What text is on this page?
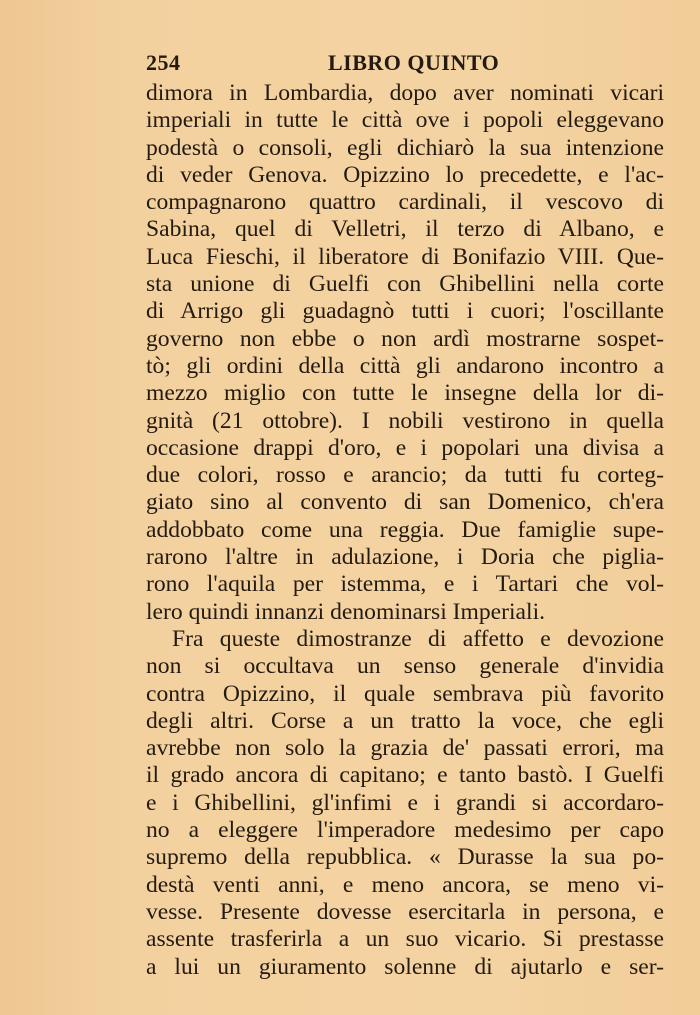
254	LIBRO QUINTO
dimora in Lombardia, dopo aver nominati vicari
imperiali in tutte le città ove i popoli eleggevano
podestà o consoli, egli dichiarò la sua intenzione
di veder Genova. Opizzino lo precedette, e l'ac-
compagnarono quattro cardinali, il vescovo di
Sabina, quel di Velletri, il terzo di Albano, e
Luca Fieschi, il liberatore di Bonifazio VIII. Que-
sta unione di Guelfi con Ghibellini nella corte
di Arrigo gli guadagnò tutti i cuori; l'oscillante
governo non ebbe o non ardì mostrarne sospet-
tò; gli ordini della città gli andarono incontro a
mezzo miglio con tutte le insegne della lor di-
gnità (21 ottobre). I nobili vestirono in quella
occasione drappi d'oro, e i popolari una divisa a
due colori, rosso e arancio; da tutti fu corteg-
giato sino al convento di san Domenico, ch'era
addobbato come una reggia. Due famiglie supe-
rarono l'altre in adulazione, i Doria che piglia-
rono l'aquila per istemma, e i Tartari che vol-
lero quindi innanzi denominarsi Imperiali.
Fra queste dimostranze di affetto e devozione
non si occultava un senso generale d'invidia
contra Opizzino, il quale sembrava più favorito
degli altri. Corse a un tratto la voce, che egli
avrebbe non solo la grazia de' passati errori, ma
il grado ancora di capitano; e tanto bastò. I Guelfi
e i Ghibellini, gl'infimi e i grandi si accordaro-
no a eleggere l'imperadore medesimo per capo
supremo della repubblica. « Durasse la sua po-
destà venti anni, e meno ancora, se meno vi-
vesse. Presente dovesse esercitarla in persona, e
assente trasferirla a un suo vicario. Si prestasse
a lui un giuramento solenne di ajutarlo e ser-
